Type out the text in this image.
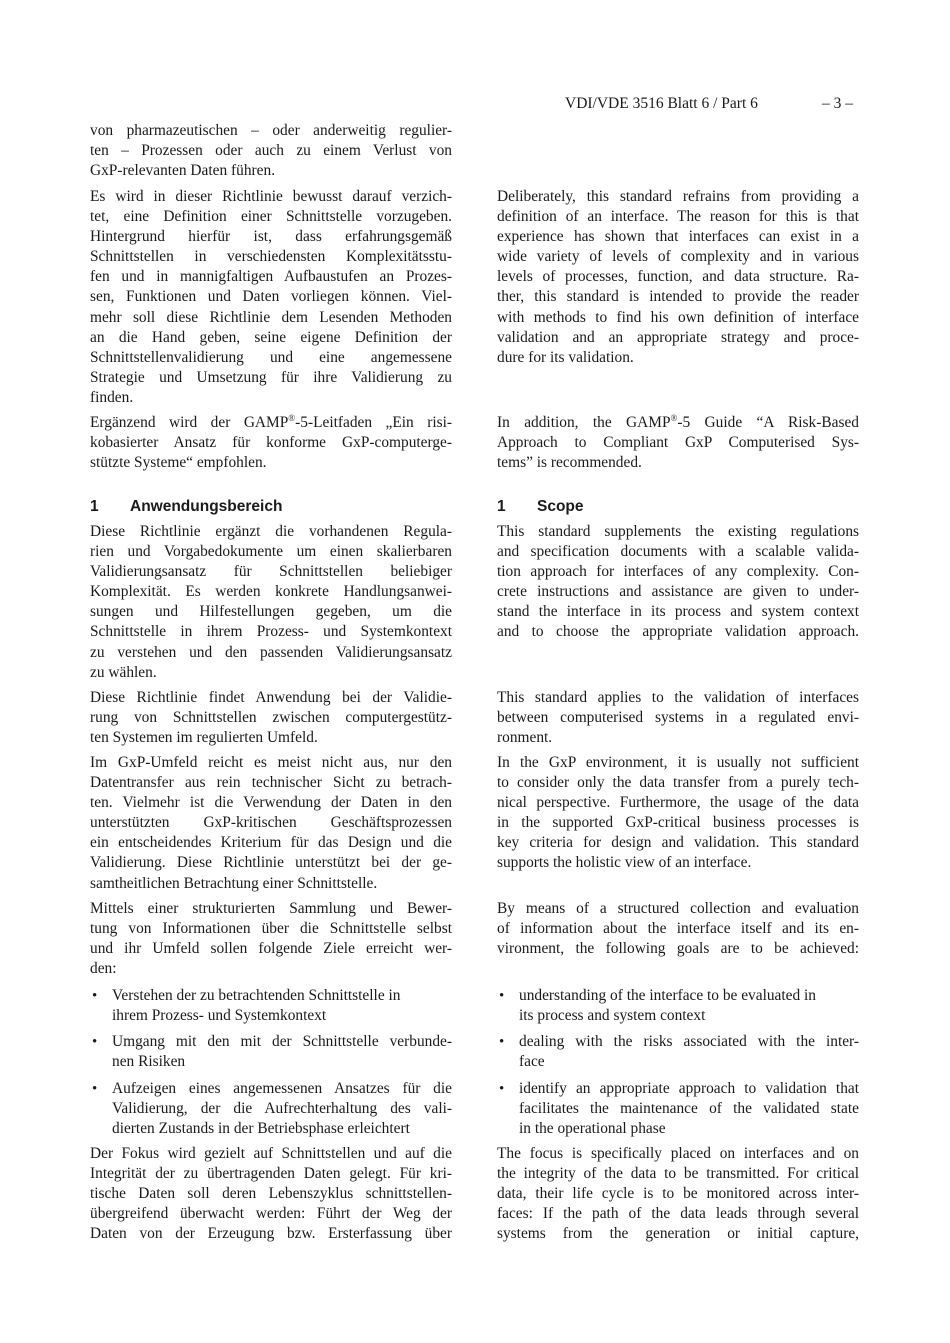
VDI/VDE 3516 Blatt 6 / Part 6	– 3 –
von pharmazeutischen – oder anderweitig regulier-
ten – Prozessen oder auch zu einem Verlust von
GxP-relevanten Daten führen.
Es wird in dieser Richtlinie bewusst darauf verzich-
tet, eine Definition einer Schnittstelle vorzugeben.
Hintergrund hierfür ist, dass erfahrungsgemäß
Schnittstellen in verschiedensten Komplexitätsstu-
fen und in mannigfaltigen Aufbaustufen an Prozes-
sen, Funktionen und Daten vorliegen können. Viel-
mehr soll diese Richtlinie dem Lesenden Methoden
an die Hand geben, seine eigene Definition der
Schnittstellenvalidierung und eine angemessene
Strategie und Umsetzung für ihre Validierung zu
finden.
Ergänzend wird der GAMP®-5-Leitfaden „Ein risi-
kobasierter Ansatz für konforme GxP-computerge-
stützte Systeme“ empfohlen.
1 Anwendungsbereich
Diese Richtlinie ergänzt die vorhandenen Regula-
rien und Vorgabedokumente um einen skalierbaren
Validierungsansatz für Schnittstellen beliebiger
Komplexität. Es werden konkrete Handlungsanwei-
sungen und Hilfestellungen gegeben, um die
Schnittstelle in ihrem Prozess- und Systemkontext
zu verstehen und den passenden Validierungsansatz
zu wählen.
Diese Richtlinie findet Anwendung bei der Validie-
rung von Schnittstellen zwischen computergestütz-
ten Systemen im regulierten Umfeld.
Im GxP-Umfeld reicht es meist nicht aus, nur den
Datentransfer aus rein technischer Sicht zu betrach-
ten. Vielmehr ist die Verwendung der Daten in den
unterstützten GxP-kritischen Geschäftsprozessen
ein entscheidendes Kriterium für das Design und die
Validierung. Diese Richtlinie unterstützt bei der ge-
samtheitlichen Betrachtung einer Schnittstelle.
Mittels einer strukturierten Sammlung und Bewer-
tung von Informationen über die Schnittstelle selbst
und ihr Umfeld sollen folgende Ziele erreicht wer-
den:
• Verstehen der zu betrachtenden Schnittstelle in
ihrem Prozess- und Systemkontext
• Umgang mit den mit der Schnittstelle verbunde-
nen Risiken
• Aufzeigen eines angemessenen Ansatzes für die
Validierung, der die Aufrechterhaltung des vali-
dierten Zustands in der Betriebsphase erleichtert
Der Fokus wird gezielt auf Schnittstellen und auf die
Integrität der zu übertragenden Daten gelegt. Für kri-
tische Daten soll deren Lebenszyklus schnittstellen-
übergreifend überwacht werden: Führt der Weg der
Daten von der Erzeugung bzw. Ersterfassung über
Deliberately, this standard refrains from providing a
definition of an interface. The reason for this is that
experience has shown that interfaces can exist in a
wide variety of levels of complexity and in various
levels of processes, function, and data structure. Ra-
ther, this standard is intended to provide the reader
with methods to find his own definition of interface
validation and an appropriate strategy and proce-
dure for its validation.
In addition, the GAMP®-5 Guide “A Risk-Based
Approach to Compliant GxP Computerised Sys-
tems” is recommended.
1 Scope
This standard supplements the existing regulations
and specification documents with a scalable valida-
tion approach for interfaces of any complexity. Con-
crete instructions and assistance are given to under-
stand the interface in its process and system context
and to choose the appropriate validation approach.
This standard applies to the validation of interfaces
between computerised systems in a regulated envi-
ronment.
In the GxP environment, it is usually not sufficient
to consider only the data transfer from a purely tech-
nical perspective. Furthermore, the usage of the data
in the supported GxP-critical business processes is
key criteria for design and validation. This standard
supports the holistic view of an interface.
By means of a structured collection and evaluation
of information about the interface itself and its en-
vironment, the following goals are to be achieved:
• understanding of the interface to be evaluated in
its process and system context
• dealing with the risks associated with the inter-
face
• identify an appropriate approach to validation that
facilitates the maintenance of the validated state
in the operational phase
The focus is specifically placed on interfaces and on
the integrity of the data to be transmitted. For critical
data, their life cycle is to be monitored across inter-
faces: If the path of the data leads through several
systems from the generation or initial capture,
